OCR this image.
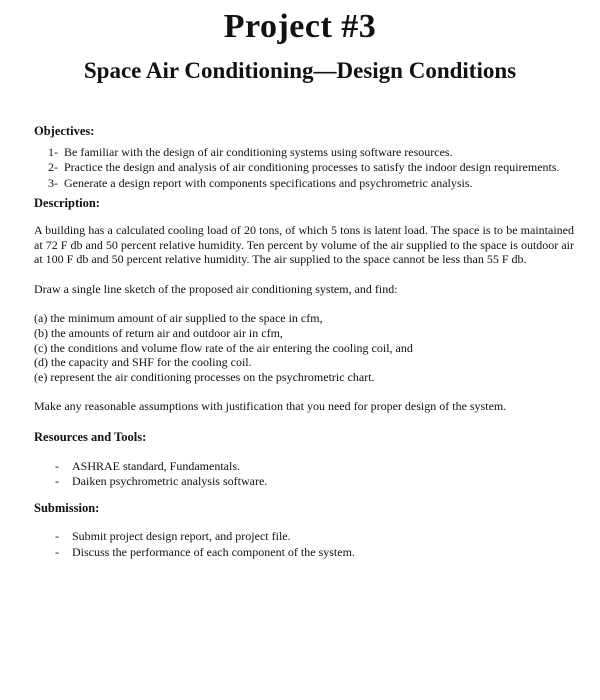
Project #3
Space Air Conditioning—Design Conditions

Objectives:

1- Be familiar with the design of air conditioning systems using software resources.
2- Practice the design and analysis of air conditioning processes to satisfy the indoor design requirements.
3- Generate a design report with components specifications and psychrometric analysis.

Description:

A building has a calculated cooling load of 20 tons, of which 5 tons is latent load. The space is to be maintained at 72 F db and 50 percent relative humidity. Ten percent by volume of the air supplied to the space is outdoor air at 100 F db and 50 percent relative humidity. The air supplied to the space cannot be less than 55 F db.

Draw a single line sketch of the proposed air conditioning system, and find:

(a) the minimum amount of air supplied to the space in cfm,
(b) the amounts of return air and outdoor air in cfm,
(c) the conditions and volume flow rate of the air entering the cooling coil, and
(d) the capacity and SHF for the cooling coil.
(e) represent the air conditioning processes on the psychrometric chart.

Make any reasonable assumptions with justification that you need for proper design of the system.

Resources and Tools:

- ASHRAE standard, Fundamentals.
- Daiken psychrometric analysis software.

Submission:

- Submit project design report, and project file.
- Discuss the performance of each component of the system.
